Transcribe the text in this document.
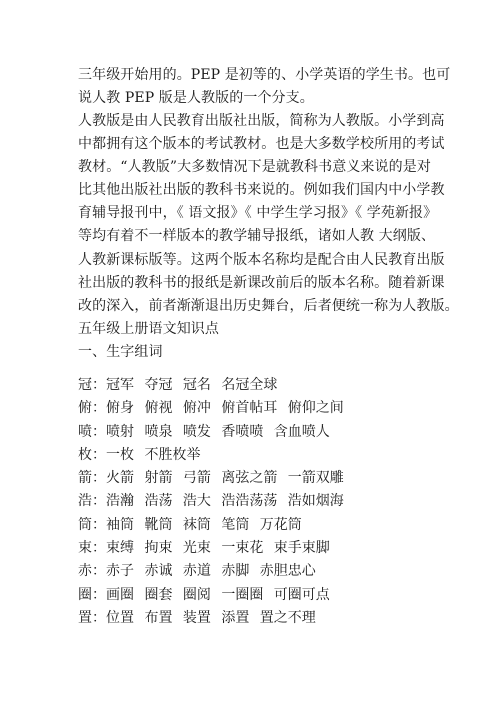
三年级开始用的。PEP 是初等的、小学英语的学生书。也可
说人教 PEP 版是人教版的一个分支。
人教版是由人民教育出版社出版，简称为人教版。小学到高
中都拥有这个版本的考试教材。也是大多数学校所用的考试
教材。“人教版”大多数情况下是就教科书意义来说的是对
比其他出版社出版的教科书来说的。例如我们国内中小学教
育辅导报刊中，《 语文报》《 中学生学习报》《 学苑新报》
等均有着不一样版本的教学辅导报纸，诸如人教 大纲版、
人教新课标版等。这两个版本名称均是配合由人民教育出版
社出版的教科书的报纸是新课改前后的版本名称。随着新课
改的深入，前者渐渐退出历史舞台，后者便统一称为人教版。
五年级上册语文知识点
一、生字组词
冠：冠军 夺冠 冠名 名冠全球
俯：俯身 俯视 俯冲 俯首帖耳 俯仰之间
喷：喷射 喷泉 喷发 香喷喷 含血喷人
枚：一枚 不胜枚举
箭：火箭 射箭 弓箭 离弦之箭 一箭双雕
浩：浩瀚 浩荡 浩大 浩浩荡荡 浩如烟海
筒：袖筒 靴筒 袜筒 笔筒 万花筒
束：束缚 拘束 光束 一束花 束手束脚
赤：赤子 赤诚 赤道 赤脚 赤胆忠心
圈：画圈 圈套 圈阅 一圈圈 可圈可点
置：位置 布置 装置 添置 置之不理
